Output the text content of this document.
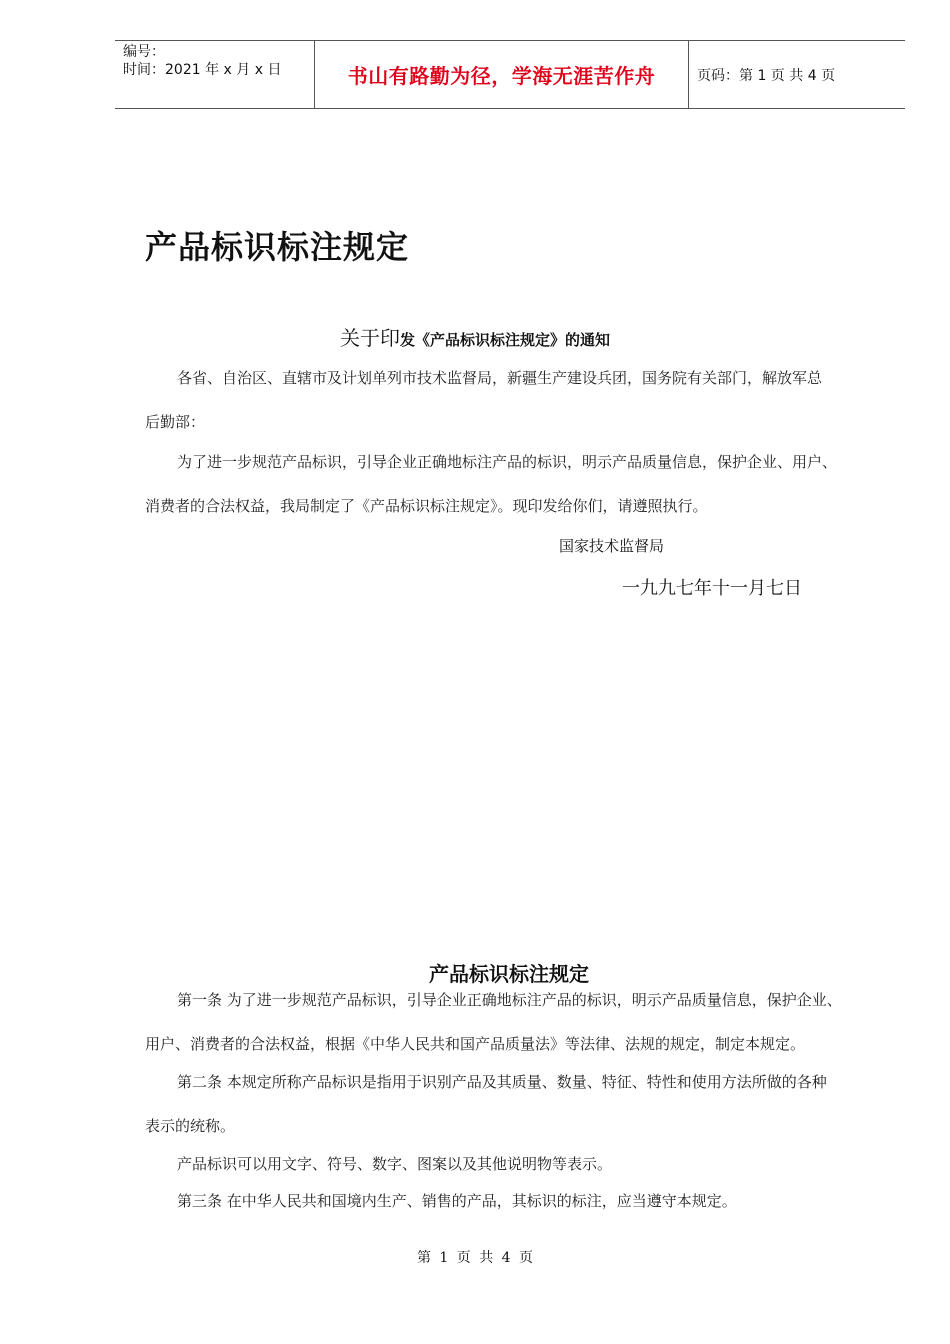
编号：
时间：2021 年 x 月 x 日	书山有路勤为径，学海无涯苦作舟	页码：第 1 页 共 4 页
产品标识标注规定
关于印发《产品标识标注规定》的通知
各省、自治区、直辖市及计划单列市技术监督局，新疆生产建设兵团，国务院有关部门，解放军总
后勤部：
为了进一步规范产品标识，引导企业正确地标注产品的标识，明示产品质量信息，保护企业、用户、
消费者的合法权益，我局制定了《产品标识标注规定》。现印发给你们，请遵照执行。
国家技术监督局
一九九七年十一月七日
产品标识标注规定
第一条 为了进一步规范产品标识，引导企业正确地标注产品的标识，明示产品质量信息，保护企业、
用户、消费者的合法权益，根据《中华人民共和国产品质量法》等法律、法规的规定，制定本规定。
第二条 本规定所称产品标识是指用于识别产品及其质量、数量、特征、特性和使用方法所做的各种
表示的统称。
产品标识可以用文字、符号、数字、图案以及其他说明物等表示。
第三条 在中华人民共和国境内生产、销售的产品，其标识的标注，应当遵守本规定。
第 1 页 共 4 页
